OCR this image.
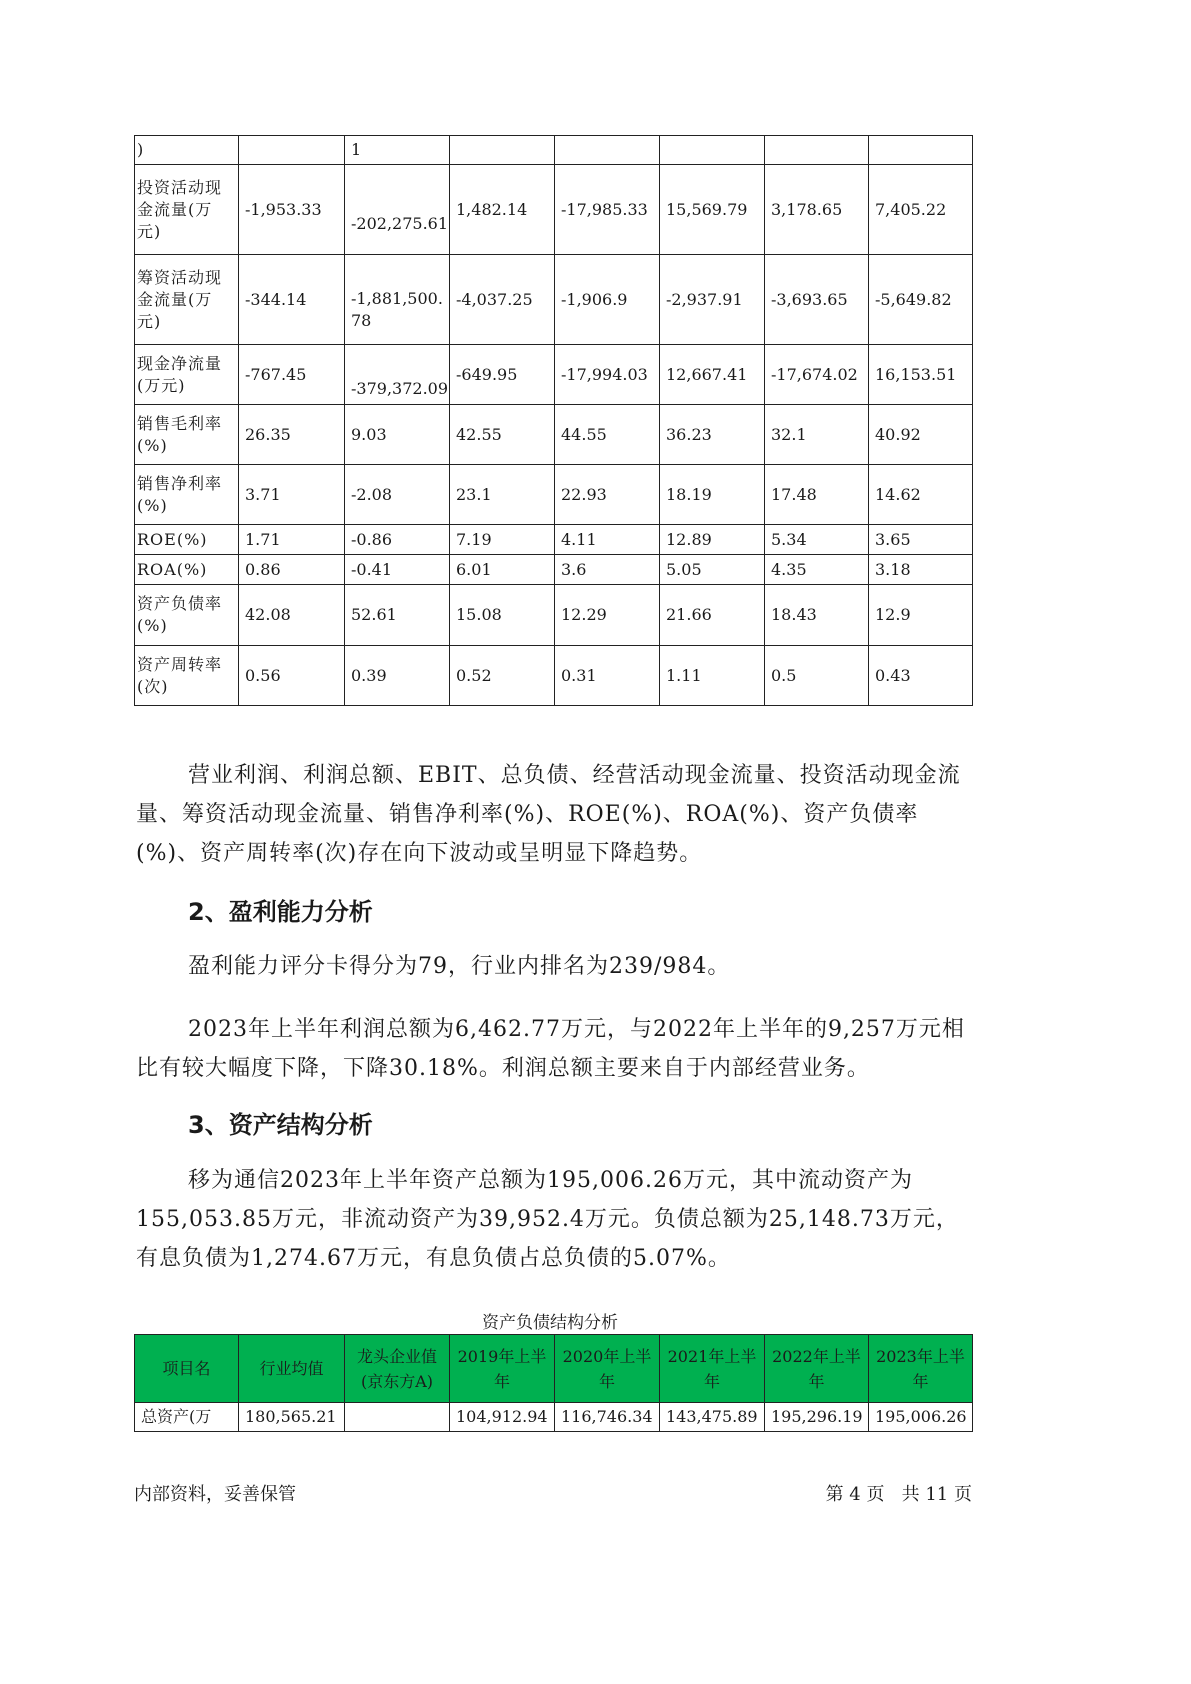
)		1					
投资活动现金流量(万元)	-1,953.33	-202,275.61	1,482.14	-17,985.33	15,569.79	3,178.65	7,405.22
筹资活动现金流量(万元)	-344.14	-1,881,500.78	-4,037.25	-1,906.9	-2,937.91	-3,693.65	-5,649.82
现金净流量(万元)	-767.45	-379,372.09	-649.95	-17,994.03	12,667.41	-17,674.02	16,153.51
销售毛利率(%)	26.35	9.03	42.55	44.55	36.23	32.1	40.92
销售净利率(%)	3.71	-2.08	23.1	22.93	18.19	17.48	14.62
ROE(%)	1.71	-0.86	7.19	4.11	12.89	5.34	3.65
ROA(%)	0.86	-0.41	6.01	3.6	5.05	4.35	3.18
资产负债率(%)	42.08	52.61	15.08	12.29	21.66	18.43	12.9
资产周转率(次)	0.56	0.39	0.52	0.31	1.11	0.5	0.43

营业利润、利润总额、EBIT、总负债、经营活动现金流量、投资活动现金流量、筹资活动现金流量、销售净利率(%)、ROE(%)、ROA(%)、资产负债率(%)、资产周转率(次)存在向下波动或呈明显下降趋势。

2、盈利能力分析

盈利能力评分卡得分为79，行业内排名为239/984。

2023年上半年利润总额为6,462.77万元，与2022年上半年的9,257万元相比有较大幅度下降，下降30.18%。利润总额主要来自于内部经营业务。

3、资产结构分析

移为通信2023年上半年资产总额为195,006.26万元，其中流动资产为155,053.85万元，非流动资产为39,952.4万元。负债总额为25,148.73万元，有息负债为1,274.67万元，有息负债占总负债的5.07%。

资产负债结构分析

项目名	行业均值	龙头企业值(京东方A)	2019年上半年	2020年上半年	2021年上半年	2022年上半年	2023年上半年
总资产(万	180,565.21		104,912.94	116,746.34	143,475.89	195,296.19	195,006.26
内部资料，妥善保管	第 4 页   共 11 页
